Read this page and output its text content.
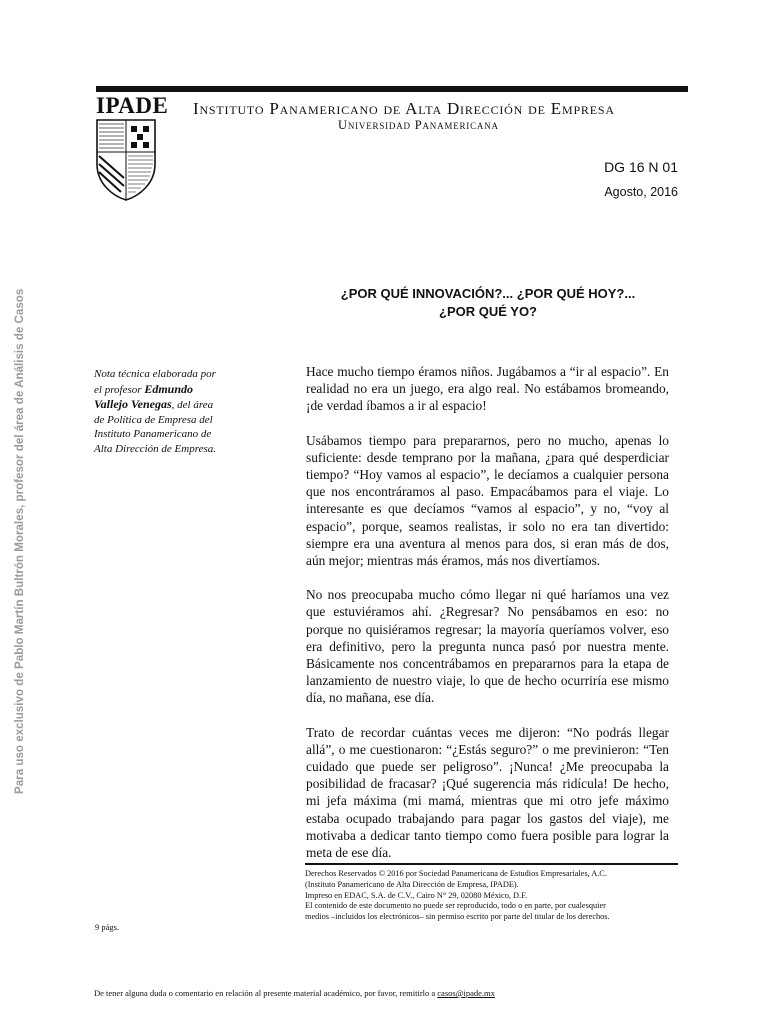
IPADE Instituto Panamericano de Alta Dirección de Empresa
Universidad Panamericana
DG 16 N 01
Agosto, 2016
Para uso exclusivo de Pablo Martín Bultrón Morales, profesor del área de Análisis de Casos	¿POR QUÉ INNOVACIÓN?... ¿POR QUÉ HOY?...
¿POR QUÉ YO?
Nota técnica elaborada por el profesor Edmundo Vallejo Venegas, del área de Política de Empresa del Instituto Panamericano de Alta Dirección de Empresa.

Hace mucho tiempo éramos niños. Jugábamos a “ir al espacio”. En realidad no era un juego, era algo real. No estábamos bromeando, ¡de verdad íbamos a ir al espacio!

Usábamos tiempo para prepararnos, pero no mucho, apenas lo suficiente: desde temprano por la mañana, ¿para qué desperdiciar tiempo? “Hoy vamos al espacio”, le decíamos a cualquier persona que nos encontráramos al paso. Empacábamos para el viaje. Lo interesante es que decíamos “vamos al espacio”, y no, “voy al espacio”, porque, seamos realistas, ir solo no era tan divertido: siempre era una aventura al menos para dos, si eran más de dos, aún mejor; mientras más éramos, más nos divertíamos.

No nos preocupaba mucho cómo llegar ni qué haríamos una vez que estuviéramos ahí. ¿Regresar? No pensábamos en eso: no porque no quisiéramos regresar; la mayoría queríamos volver, eso era definitivo, pero la pregunta nunca pasó por nuestra mente. Básicamente nos concentrábamos en prepararnos para la etapa de lanzamiento de nuestro viaje, lo que de hecho ocurriría ese mismo día, no mañana, ese día.

Trato de recordar cuántas veces me dijeron: “No podrás llegar allá”, o me cuestionaron: “¿Estás seguro?” o me previnieron: “Ten cuidado que puede ser peligroso”. ¡Nunca! ¿Me preocupaba la posibilidad de fracasar? ¡Qué sugerencia más ridícula! De hecho, mi jefa máxima (mi mamá, mientras que mi otro jefe máximo estaba ocupado trabajando para pagar los gastos del viaje), me motivaba a dedicar tanto tiempo como fuera posible para lograr la meta de ese día.

Derechos Reservados © 2016 por Sociedad Panamericana de Estudios Empresariales, A.C.
(Instituto Panamericano de Alta Dirección de Empresa, IPADE).
Impreso en EDAC, S.A. de C.V., Cairo N° 29, 02080 México, D.F.
El contenido de este documento no puede ser reproducido, todo o en parte, por cualesquier
medios –incluidos los electrónicos– sin permiso escrito por parte del titular de los derechos.
9 págs.
De tener alguna duda o comentario en relación al presente material académico, por favor, remitirlo a casos@ipade.mx
